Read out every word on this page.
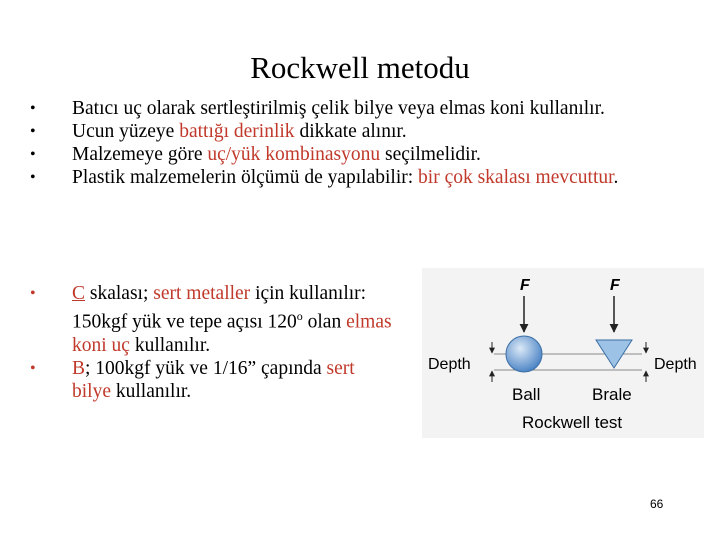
Rockwell metodu
• Batıcı uç olarak sertleştirilmiş çelik bilye veya elmas koni kullanılır.
• Ucun yüzeye battığı derinlik dikkate alınır.
• Malzemeye göre uç/yük kombinasyonu seçilmelidir.
• Plastik malzemelerin ölçümü de yapılabilir: bir çok skalası mevcuttur.
• C skalası; sert metaller için kullanılır: 150kgf yük ve tepe açısı 120$^o$ olan elmas koni uç kullanılır.
• B; 100kgf yük ve 1/16” çapında sert bilye kullanılır.
F	F
Depth	Depth
Ball	Brale
Rockwell test
66
